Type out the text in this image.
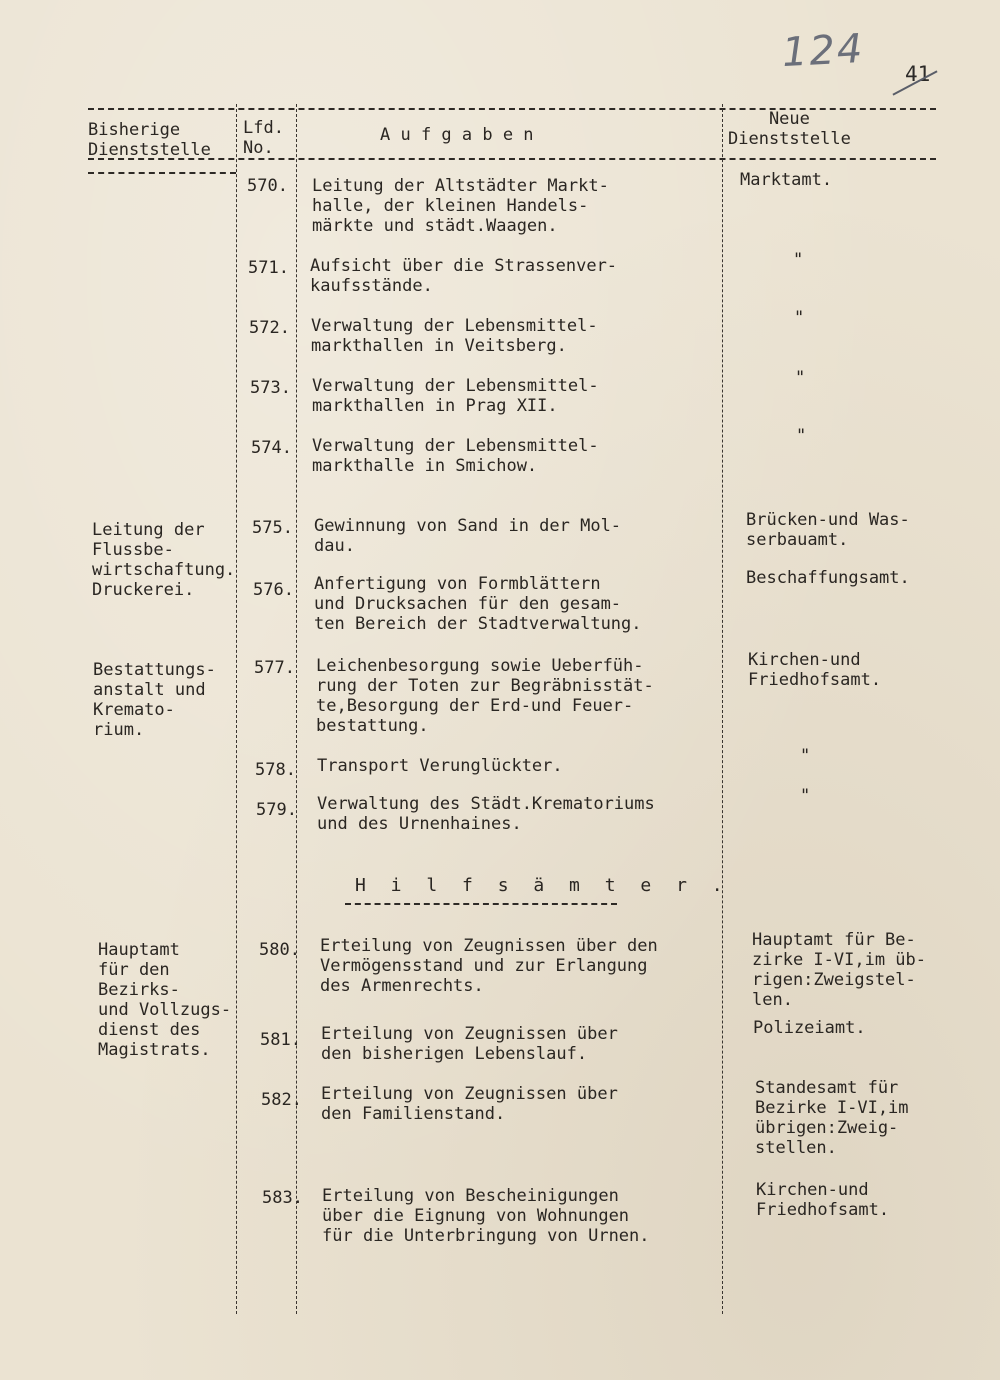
124 41
Bisherige
Dienststelle
Lfd.
No.
A u f g a b e n
Neue
Dienststelle
570. Leitung der Altstädter Markt-
halle, der kleinen Handels-
märkte und städt.Waagen.
Marktamt.
571. Aufsicht über die Strassenver-
kaufsstände.
"
572. Verwaltung der Lebensmittel-
markthallen in Veitsberg.
"
573. Verwaltung der Lebensmittel-
markthallen in Prag XII.
"
574. Verwaltung der Lebensmittel-
markthalle in Smichow.
"
Leitung der
Flussbe-
wirtschaftung.
575. Gewinnung von Sand in der Mol-
dau.
Brücken-und Was-
serbauamt.
Druckerei.	576. Anfertigung von Formblättern
und Drucksachen für den gesam-
ten Bereich der Stadtverwaltung.
Beschaffungsamt.
Bestattungs-
anstalt und
Kremato-
rium.
577. Leichenbesorgung sowie Ueberfüh-
rung der Toten zur Begräbnisstät-
te,Besorgung der Erd-und Feuer-
bestattung.
Kirchen-und
Friedhofsamt.
578. Transport Verunglückter.	"
579. Verwaltung des Städt.Krematoriums
und des Urnenhaines.
"
H i l f s ä m t e r .
Hauptamt
für den
Bezirks-
und Vollzugs-
dienst des
Magistrats.
580. Erteilung von Zeugnissen über den
Vermögensstand und zur Erlangung
des Armenrechts.
Hauptamt für Be-
zirke I-VI,im üb-
rigen:Zweigstel-
len.
581. Erteilung von Zeugnissen über
den bisherigen Lebenslauf.
Polizeiamt.
582. Erteilung von Zeugnissen über
den Familienstand.
Standesamt für
Bezirke I-VI,im
übrigen:Zweig-
stellen.
583. Erteilung von Bescheinigungen
über die Eignung von Wohnungen
für die Unterbringung von Urnen.
Kirchen-und
Friedhofsamt.
